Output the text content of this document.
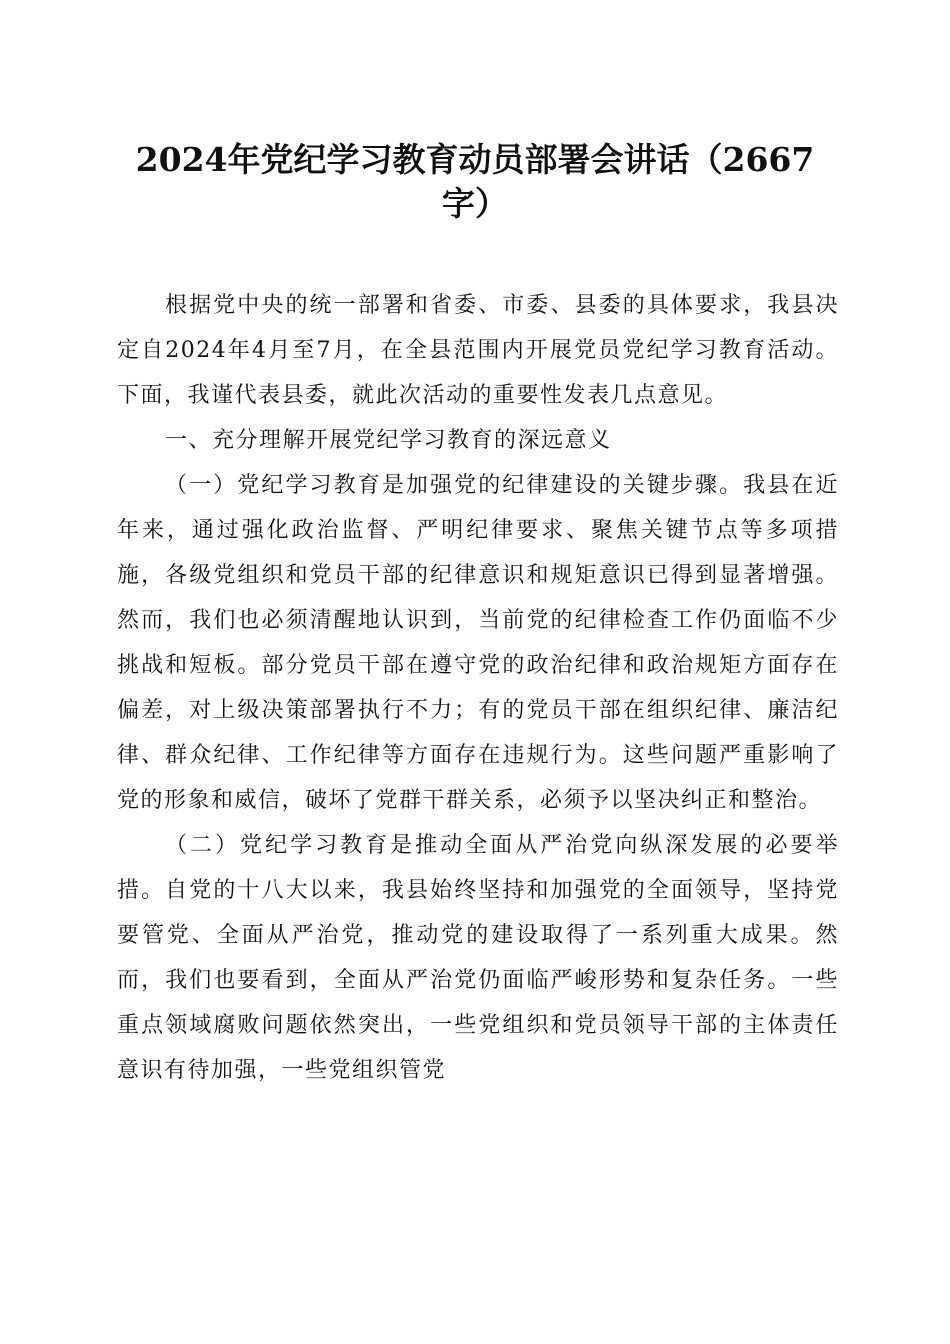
2024年党纪学习教育动员部署会讲话（2667
字）

根据党中央的统一部署和省委、市委、县委的具体要求，我县决定自2024年4月至7月，在全县范围内开展党员党纪学习教育活动。下面，我谨代表县委，就此次活动的重要性发表几点意见。

一、充分理解开展党纪学习教育的深远意义

（一）党纪学习教育是加强党的纪律建设的关键步骤。我县在近年来，通过强化政治监督、严明纪律要求、聚焦关键节点等多项措施，各级党组织和党员干部的纪律意识和规矩意识已得到显著增强。然而，我们也必须清醒地认识到，当前党的纪律检查工作仍面临不少挑战和短板。部分党员干部在遵守党的政治纪律和政治规矩方面存在偏差，对上级决策部署执行不力；有的党员干部在组织纪律、廉洁纪律、群众纪律、工作纪律等方面存在违规行为。这些问题严重影响了党的形象和威信，破坏了党群干群关系，必须予以坚决纠正和整治。

（二）党纪学习教育是推动全面从严治党向纵深发展的必要举措。自党的十八大以来，我县始终坚持和加强党的全面领导，坚持党要管党、全面从严治党，推动党的建设取得了一系列重大成果。然而，我们也要看到，全面从严治党仍面临严峻形势和复杂任务。一些重点领域腐败问题依然突出，一些党组织和党员领导干部的主体责任意识有待加强，一些党组织管党
